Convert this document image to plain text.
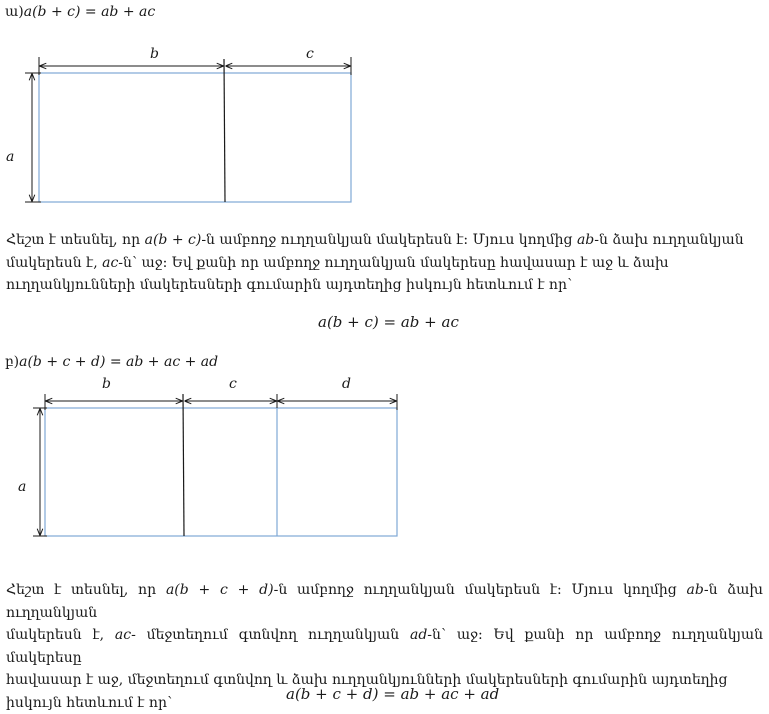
ա)a(b + c) = ab + ac
b	c
a
b	c	d
a
Հեշտ է տեսնել, որ a(b + c)-ն ամբողջ ուղղանկյան մակերեսն է: Մյուս կողմից ab-ն ձախ ուղղանկյան
մակերեսն է, ac-ն՝ աջ: Եվ քանի որ ամբողջ ուղղանկյան մակերեսը հավասար է աջ և ձախ
ուղղանկյունների մակերեսների գումարին այդտեղից իսկույն հետևում է որ՝
a(b + c) = ab + ac
բ)a(b + c + d) = ab + ac + ad
Հեշտ է տեսնել, որ a(b + c + d)-ն ամբողջ ուղղանկյան մակերեսն է: Մյուս կողմից ab-ն ձախ ուղղանկյան
մակերեսն է, ac- մեջտեղում գտնվող ուղղանկյան ad-ն՝ աջ: Եվ քանի որ ամբողջ ուղղանկյան մակերեսը
հավասար է աջ, մեջտեղում գտնվող և ձախ ուղղանկյունների մակերեսների գումարին այդտեղից
իսկույն հետևում է որ՝	a(b + c + d) = ab + ac + ad
